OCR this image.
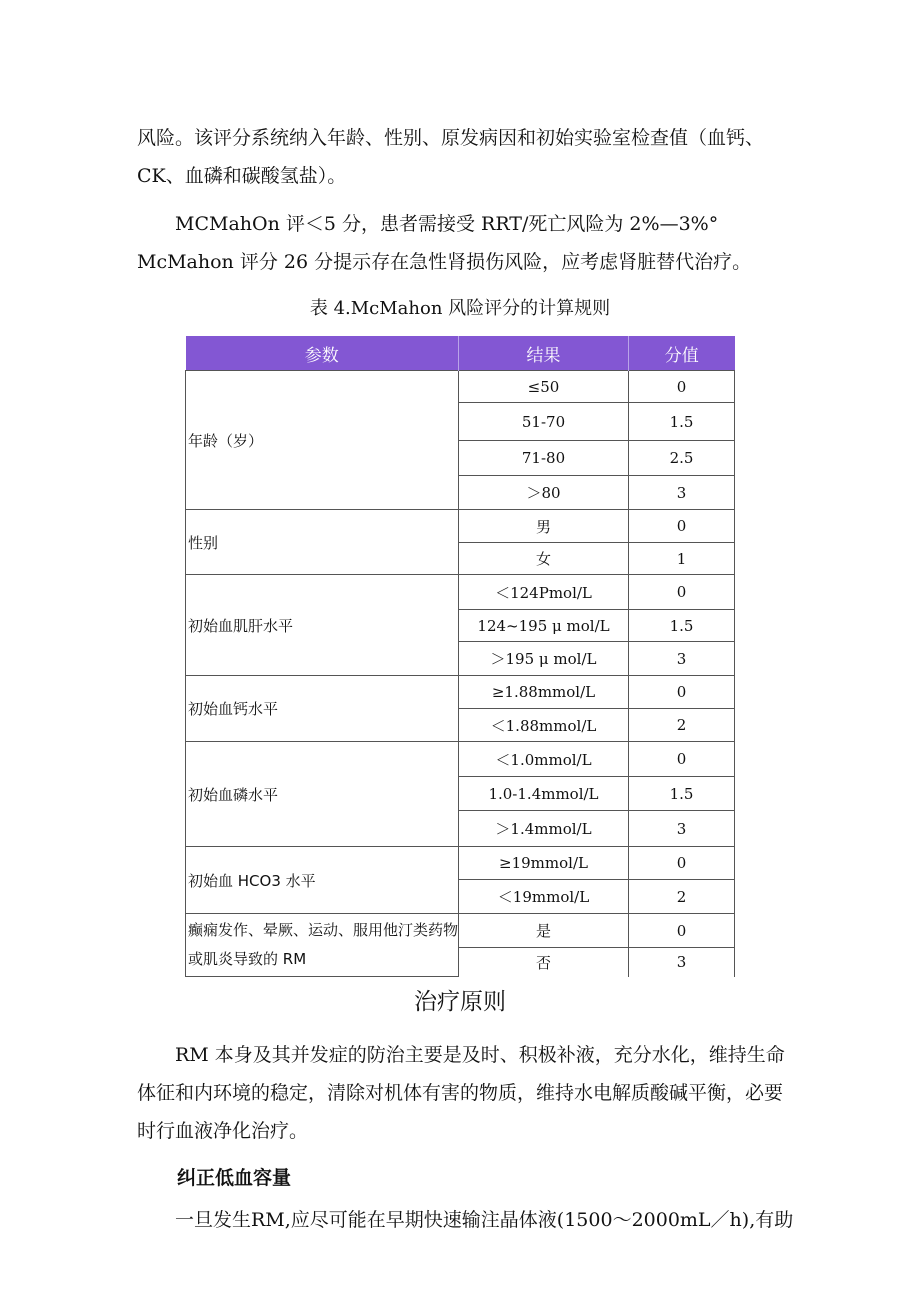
风险。该评分系统纳入年龄、性别、原发病因和初始实验室检查值（血钙、CK、血磷和碳酸氢盐）。

MCMahOn 评＜5 分，患者需接受 RRT/死亡风险为 2%—3%° McMahon 评分 26 分提示存在急性肾损伤风险，应考虑肾脏替代治疗。

表 4.McMahon 风险评分的计算规则
参数	结果	分值
年龄（岁）	≤50	0
	51-70	1.5
	71-80	2.5
	＞80	3
性别	男	0
	女	1
初始血肌肝水平	＜124Pmol/L	0
	124~195 μ mol/L	1.5
	＞195 μ mol/L	3
初始血钙水平	≥1.88mmol/L	0
	＜1.88mmol/L	2
初始血磷水平	＜1.0mmol/L	0
	1.0-1.4mmol/L	1.5
	＞1.4mmol/L	3
初始血 HCO3 水平	≥19mmol/L	0
	＜19mmol/L	2
癫痫发作、晕厥、运动、服用他汀类药物或肌炎导致的 RM	是	0
	否	3
治疗原则

RM 本身及其并发症的防治主要是及时、积极补液，充分水化，维持生命体征和内环境的稳定，清除对机体有害的物质，维持水电解质酸碱平衡，必要时行血液净化治疗。

纠正低血容量

一旦发生RM,应尽可能在早期快速输注晶体液(1500～2000mL／h),有助
